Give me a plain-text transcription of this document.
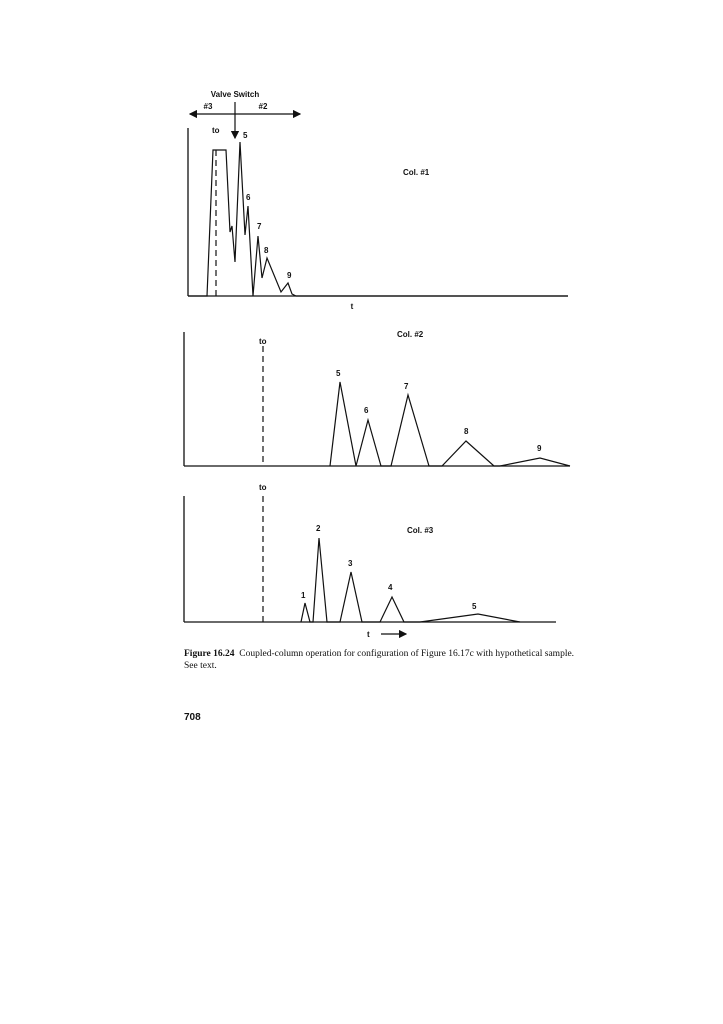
Valve Switch
#3	#2
to
5
6
7
8
9
Col. #1
t
to
5
6
7
8
9
Col. #2
to
1
2
3
4
5
Col. #3
t

Figure 16.24 Coupled-column operation for configuration of Figure 16.17c with hypothetical sample. See text.

708
